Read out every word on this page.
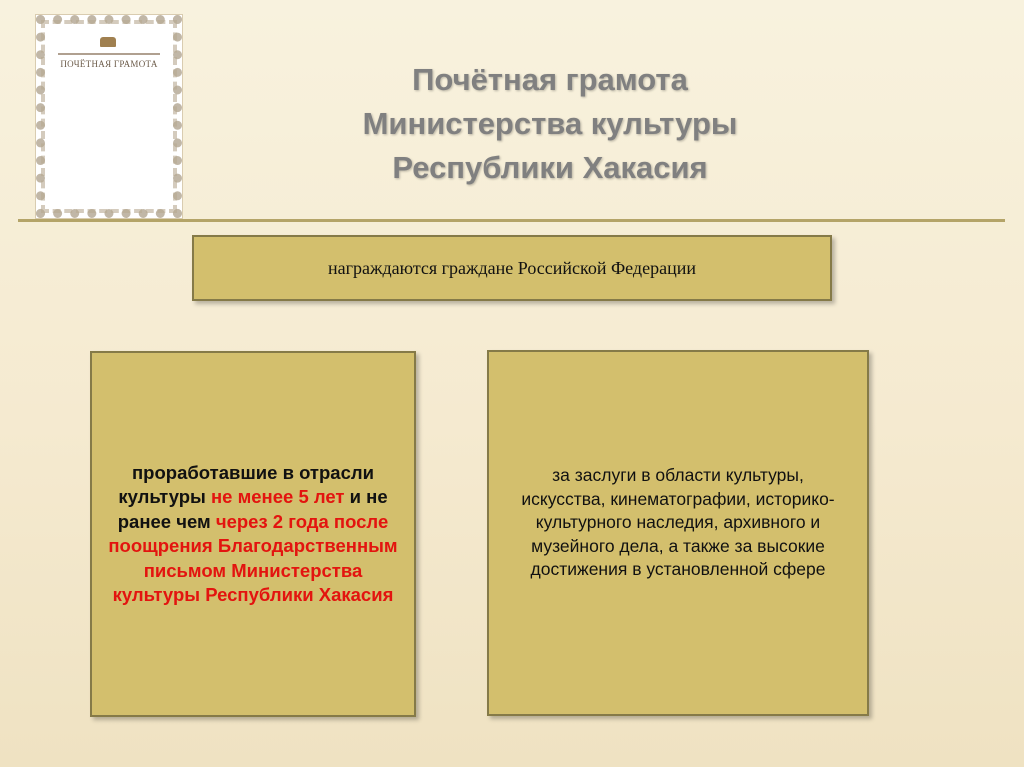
ПОЧЁТНАЯ ГРАМОТА	Почётная грамота
Министерства культуры
Республики Хакасия
награждаются граждане Российской Федерации
проработавшие в отрасли культуры не менее 5 лет и не ранее чем через 2 года после поощрения Благодарственным письмом Министерства культуры Республики Хакасия
за заслуги в области культуры, искусства, кинематографии, историко-культурного наследия, архивного и музейного дела, а также за высокие достижения в установленной сфере
